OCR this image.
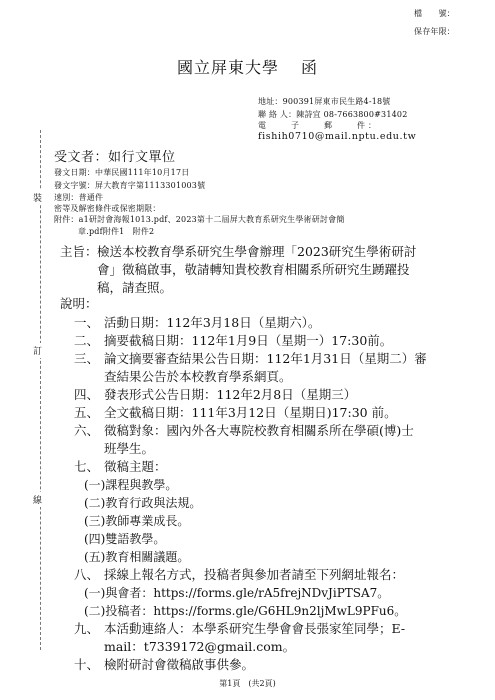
檔　　號：
保存年限：
國立屏東大學 函
地址：900391屏東市民生路4-18號
聯 絡 人：陳詩宜 08-7663800#31402
電　　子　　郵　　件：
fishih0710@mail.nptu.edu.tw
裝
訂
線
受文者：如行文單位
發文日期：中華民國111年10月17日
發文字號：屏大教育字第1113301003號
速別：普通件
密等及解密條件或保密期限：
附件：a1研討會海報1013.pdf、2023第十二屆屏大教育系研究生學術研討會簡
章.pdf附件1　附件2
主旨： 檢送本校教育學系研究生學會辦理「2023研究生學術研討
會」徵稿啟事，敬請轉知貴校教育相關系所研究生踴躍投
稿，請查照。
說明：
一、 活動日期：112年3月18日（星期六）。
二、 摘要截稿日期：112年1月9日（星期一）17:30前。
三、 論文摘要審查結果公告日期：112年1月31日（星期二）審
查結果公告於本校教育學系網頁。
四、 發表形式公告日期：112年2月8日（星期三）
五、 全文截稿日期：111年3月12日（星期日)17:30 前。
六、 徵稿對象：國內外各大專院校教育相關系所在學碩(博)士
班學生。
七、 徵稿主題：
(一)課程與教學。
(二)教育行政與法規。
(三)教師專業成長。
(四)雙語教學。
(五)教育相關議題。
八、 採線上報名方式，投稿者與參加者請至下列網址報名：
(一)與會者：https://forms.gle/rA5frejNDvJiPTSA7。
(二)投稿者：https://forms.gle/G6HL9n2ljMwL9PFu6。
九、 本活動連絡人：本學系研究生學會會長張家笙同學；E-
mail：t7339172@gmail.com。
十、 檢附研討會徵稿啟事供參。
第1頁　(共2頁)
